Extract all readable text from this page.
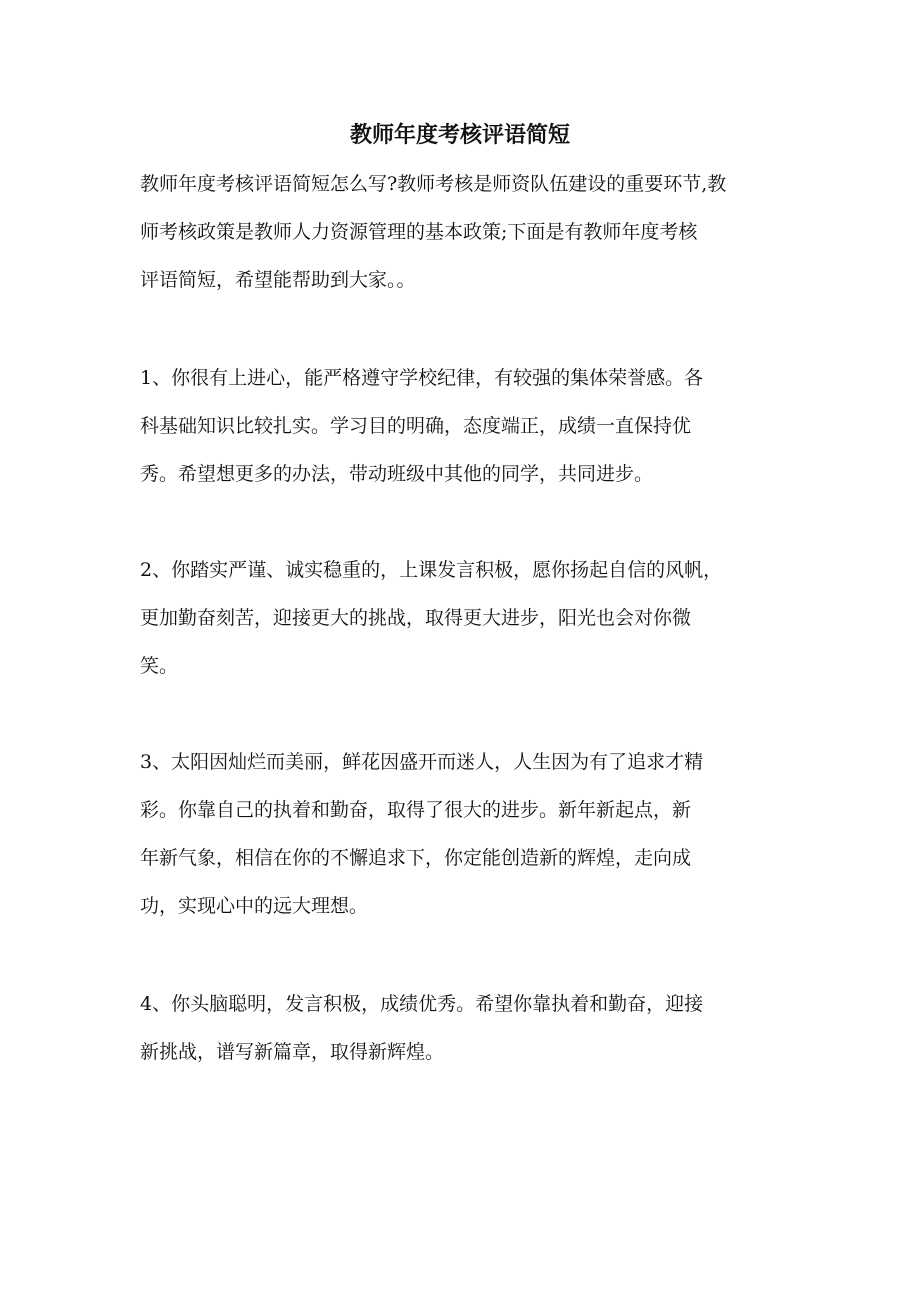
教师年度考核评语简短
教师年度考核评语简短怎么写?教师考核是师资队伍建设的重要环节,教
师考核政策是教师人力资源管理的基本政策;下面是有教师年度考核
评语简短，希望能帮助到大家。。
1、你很有上进心，能严格遵守学校纪律，有较强的集体荣誉感。各
科基础知识比较扎实。学习目的明确，态度端正，成绩一直保持优
秀。希望想更多的办法，带动班级中其他的同学，共同进步。
2、你踏实严谨、诚实稳重的，上课发言积极，愿你扬起自信的风帆，
更加勤奋刻苦，迎接更大的挑战，取得更大进步，阳光也会对你微
笑。
3、太阳因灿烂而美丽，鲜花因盛开而迷人，人生因为有了追求才精
彩。你靠自己的执着和勤奋，取得了很大的进步。新年新起点，新
年新气象，相信在你的不懈追求下，你定能创造新的辉煌，走向成
功，实现心中的远大理想。
4、你头脑聪明，发言积极，成绩优秀。希望你靠执着和勤奋，迎接
新挑战，谱写新篇章，取得新辉煌。
